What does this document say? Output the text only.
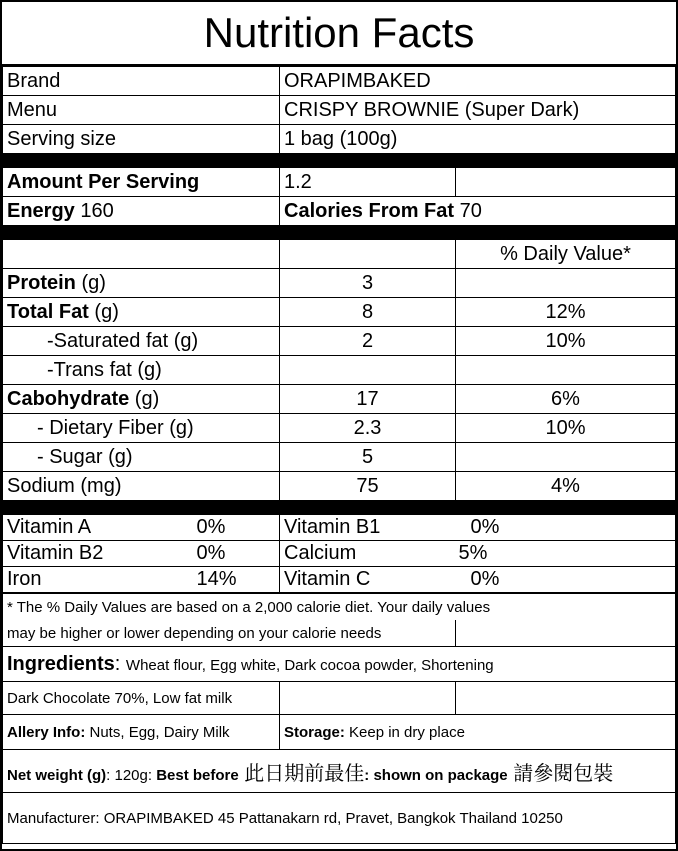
Nutrition Facts
Brand	ORAPIMBAKED
Menu	CRISPY BROWNIE (Super Dark)
Serving size	1 bag (100g)
Amount Per Serving	1.2	
Energy 160	Calories From Fat 70	
		% Daily Value*
Protein (g)	3	
Total Fat (g)	8	12%
-Saturated fat (g)	2	10%
-Trans fat (g)		
Cabohydrate (g)	17	6%
- Dietary Fiber (g)	2.3	10%
- Sugar (g)	5	
Sodium (mg)	75	4%
Vitamin A	0%	Vitamin B1	0%
Vitamin B2	0%	Calcium	5%
Iron	14%	Vitamin C	0%
* The % Daily Values are based on a 2,000 calorie diet. Your daily values		
may be higher or lower depending on your calorie needs		
Ingredients: Wheat flour, Egg white, Dark cocoa powder, Shortening		
Dark Chocolate 70%, Low fat milk		
Allery Info: Nuts, Egg, Dairy Milk	Storage: Keep in dry place	
Net weight (g): 120g: Best before 此日期前最佳: shown on package 請參閱包裝		
Manufacturer: ORAPIMBAKED 45 Pattanakarn rd, Pravet, Bangkok Thailand 10250		
